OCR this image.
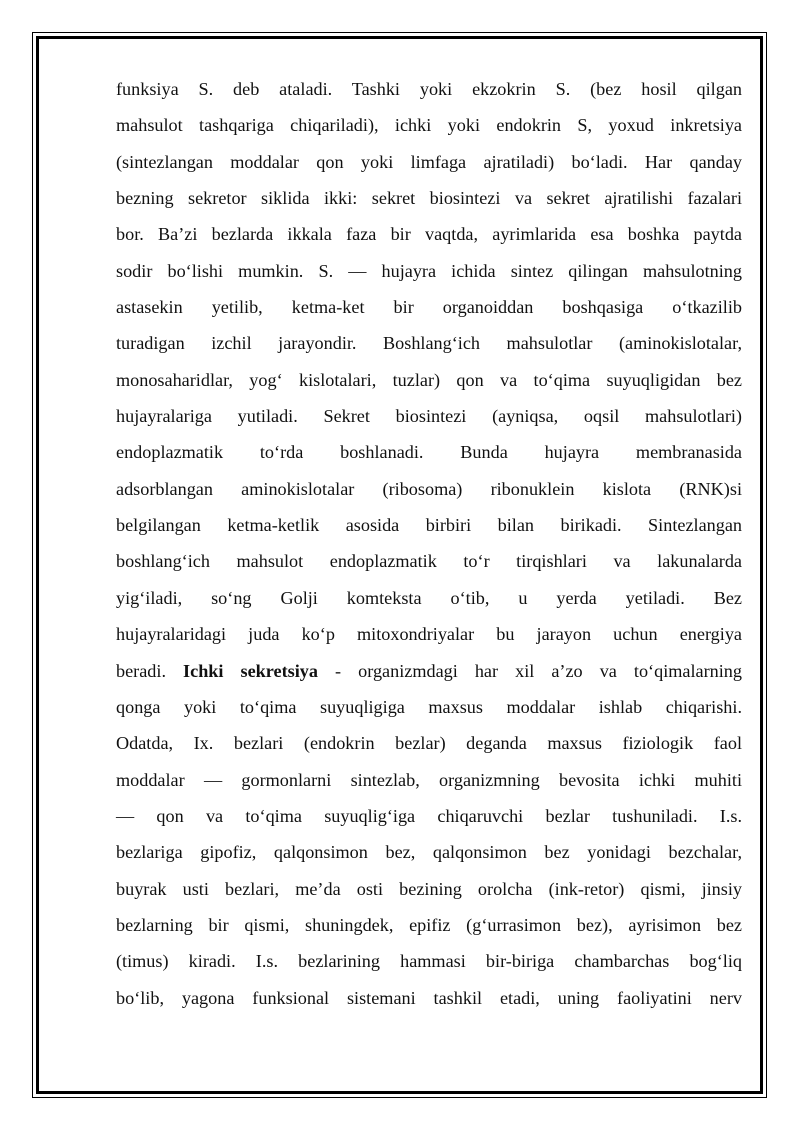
funksiya S. deb ataladi. Tashki yoki ekzokrin S. (bez hosil qilgan
mahsulot tashqariga chiqariladi), ichki yoki endokrin S, yoxud inkretsiya
(sintezlangan moddalar qon yoki limfaga ajratiladi) bo‘ladi. Har qanday
bezning sekretor siklida ikki: sekret biosintezi va sekret ajratilishi fazalari
bor. Ba’zi bezlarda ikkala faza bir vaqtda, ayrimlarida esa boshka paytda
sodir bo‘lishi mumkin. S. — hujayra ichida sintez qilingan mahsulotning
astasekin yetilib, ketma-ket bir organoiddan boshqasiga o‘tkazilib
turadigan izchil jarayondir. Boshlang‘ich mahsulotlar (aminokislotalar,
monosaharidlar, yog‘ kislotalari, tuzlar) qon va to‘qima suyuqligidan bez
hujayralariga yutiladi. Sekret biosintezi (ayniqsa, oqsil mahsulotlari)
endoplazmatik to‘rda boshlanadi. Bunda hujayra membranasida
adsorblangan aminokislotalar (ribosoma) ribonuklein kislota (RNK)si
belgilangan ketma-ketlik asosida birbiri bilan birikadi. Sintezlangan
boshlang‘ich mahsulot endoplazmatik to‘r tirqishlari va lakunalarda
yig‘iladi, so‘ng Golji komteksta o‘tib, u yerda yetiladi. Bez
hujayralaridagi juda ko‘p mitoxondriyalar bu jarayon uchun energiya
beradi. Ichki sekretsiya - organizmdagi har xil a’zo va to‘qimalarning
qonga yoki to‘qima suyuqligiga maxsus moddalar ishlab chiqarishi.
Odatda, Ix. bezlari (endokrin bezlar) deganda maxsus fiziologik faol
moddalar — gormonlarni sintezlab, organizmning bevosita ichki muhiti
— qon va to‘qima suyuqlig‘iga chiqaruvchi bezlar tushuniladi. I.s.
bezlariga gipofiz, qalqonsimon bez, qalqonsimon bez yonidagi bezchalar,
buyrak usti bezlari, me’da osti bezining orolcha (ink-retor) qismi, jinsiy
bezlarning bir qismi, shuningdek, epifiz (g‘urrasimon bez), ayrisimon bez
(timus) kiradi. I.s. bezlarining hammasi bir-biriga chambarchas bog‘liq
bo‘lib, yagona funksional sistemani tashkil etadi, uning faoliyatini nerv
